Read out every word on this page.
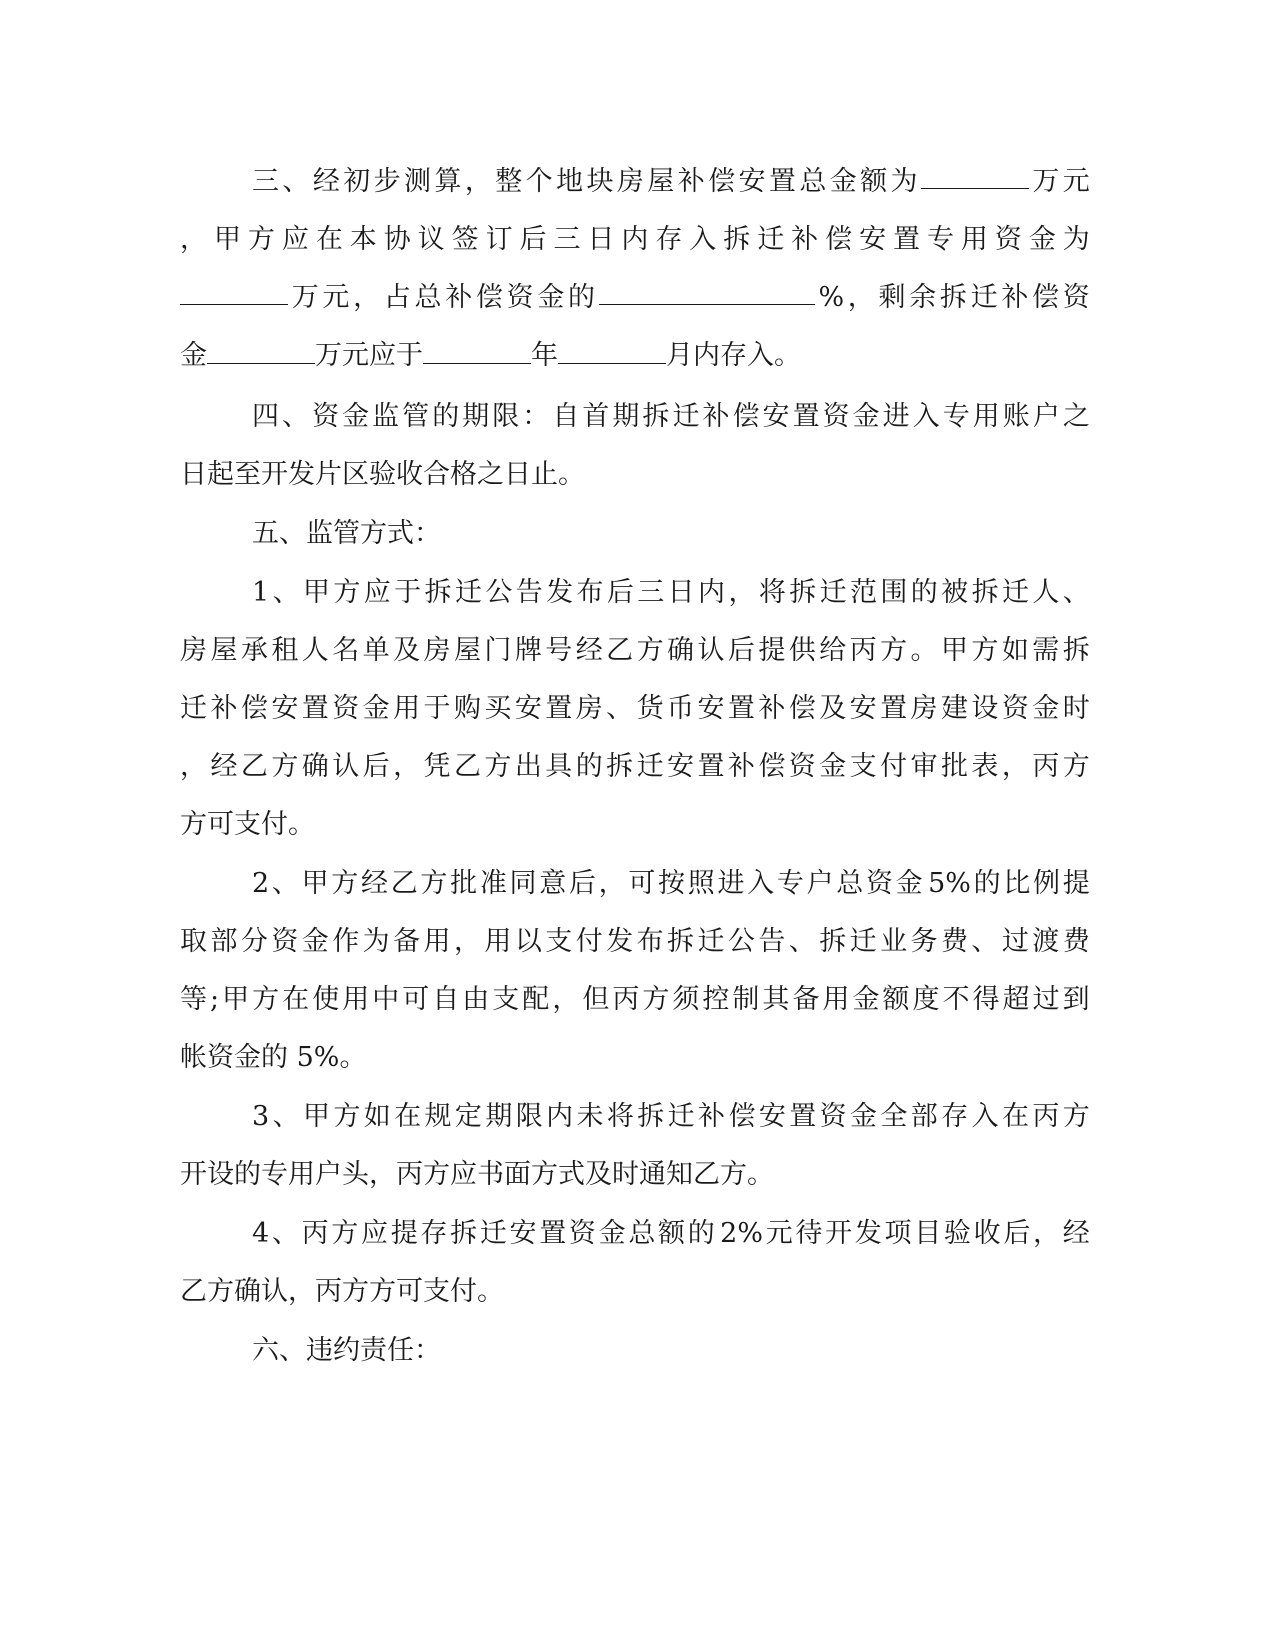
三 、 经 初 步 测 算 ， 整 个 地 块 房 屋 补 偿 安 置 总 金 额 为	万 元
， 甲 方 应 在 本 协 议 签 订 后 三 日 内 存 入 拆 迁 补 偿 安 置 专 用 资 金 为
万 元 ， 占 总 补 偿 资 金 的	% ， 剩 余 拆 迁 补 偿 资
金	万元应于	年	月内存入。
四 、 资 金 监 管 的 期 限 ： 自 首 期 拆 迁 补 偿 安 置 资 金 进 入 专 用 账 户 之
日起至开发片区验收合格之日止。
五、监管方式：
1 、 甲 方 应 于 拆 迁 公 告 发 布 后 三 日 内 ， 将 拆 迁 范 围 的 被 拆 迁 人 、
房 屋 承 租 人 名 单 及 房 屋 门 牌 号 经 乙 方 确 认 后 提 供 给 丙 方 。 甲 方 如 需 拆
迁 补 偿 安 置 资 金 用 于 购 买 安 置 房 、 货 币 安 置 补 偿 及 安 置 房 建 设 资 金 时
， 经 乙 方 确 认 后 ， 凭 乙 方 出 具 的 拆 迁 安 置 补 偿 资 金 支 付 审 批 表 ， 丙 方
方可支付。
2 、 甲 方 经 乙 方 批 准 同 意 后 ， 可 按 照 进 入 专 户 总 资 金 5% 的 比 例 提
取 部 分 资 金 作 为 备 用 ， 用 以 支 付 发 布 拆 迁 公 告 、 拆 迁 业 务 费 、 过 渡 费
等 ; 甲 方 在 使 用 中 可 自 由 支 配 ， 但 丙 方 须 控 制 其 备 用 金 额 度 不 得 超 过 到
帐资金的 5%。
3 、 甲 方 如 在 规 定 期 限 内 未 将 拆 迁 补 偿 安 置 资 金 全 部 存 入 在 丙 方
开设的专用户头，丙方应书面方式及时通知乙方。
4 、 丙 方 应 提 存 拆 迁 安 置 资 金 总 额 的 2% 元 待 开 发 项 目 验 收 后 ， 经
乙方确认，丙方方可支付。
六、违约责任：
